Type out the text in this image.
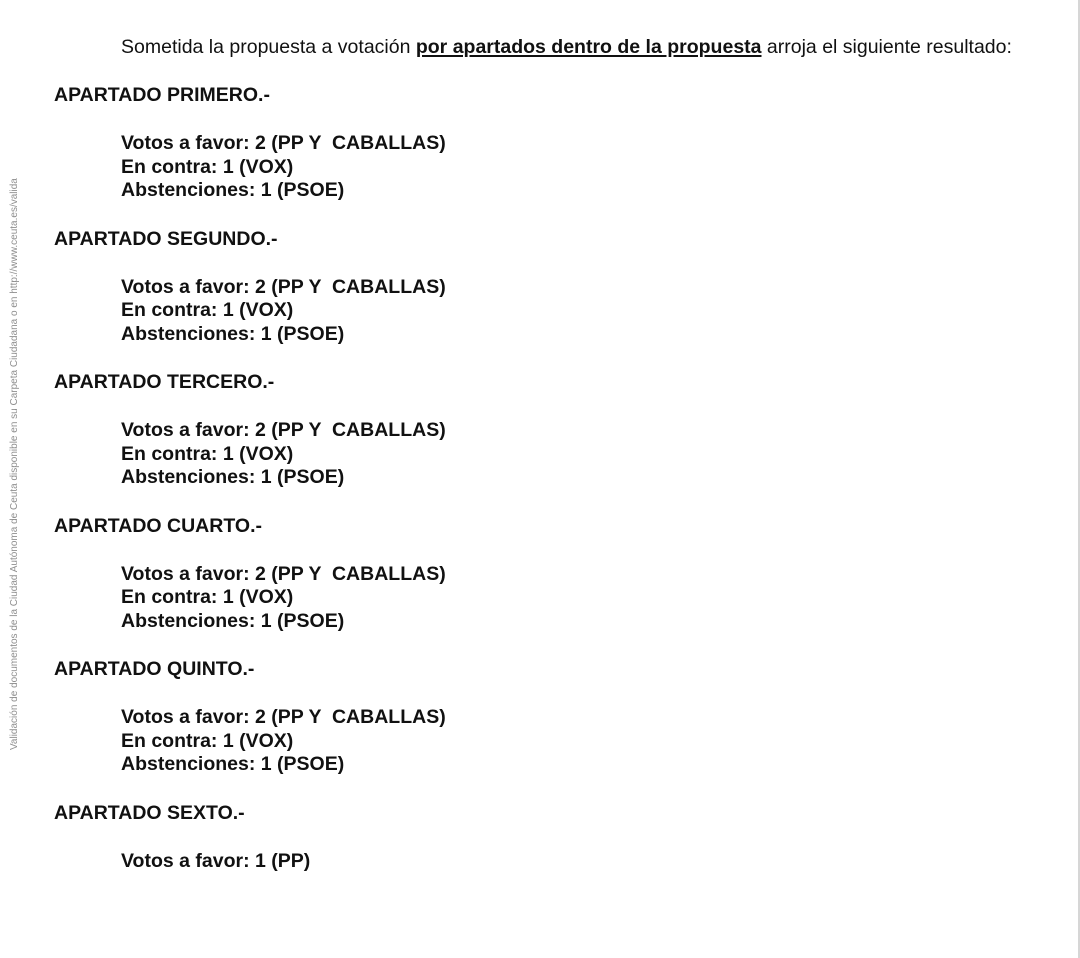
Validación de documentos de la Ciudad Autónoma de Ceuta disponible en su Carpeta Ciudadana o en http://www.ceuta.es/valida

Sometida la propuesta a votación por apartados dentro de la propuesta arroja el siguiente resultado:

APARTADO PRIMERO.-
Votos a favor: 2 (PP Y  CABALLAS)
En contra: 1 (VOX)
Abstenciones: 1 (PSOE)
APARTADO SEGUNDO.-
Votos a favor: 2 (PP Y  CABALLAS)
En contra: 1 (VOX)
Abstenciones: 1 (PSOE)
APARTADO TERCERO.-
Votos a favor: 2 (PP Y  CABALLAS)
En contra: 1 (VOX)
Abstenciones: 1 (PSOE)
APARTADO CUARTO.-
Votos a favor: 2 (PP Y  CABALLAS)
En contra: 1 (VOX)
Abstenciones: 1 (PSOE)
APARTADO QUINTO.-
Votos a favor: 2 (PP Y  CABALLAS)
En contra: 1 (VOX)
Abstenciones: 1 (PSOE)
APARTADO SEXTO.-
Votos a favor: 1 (PP)
